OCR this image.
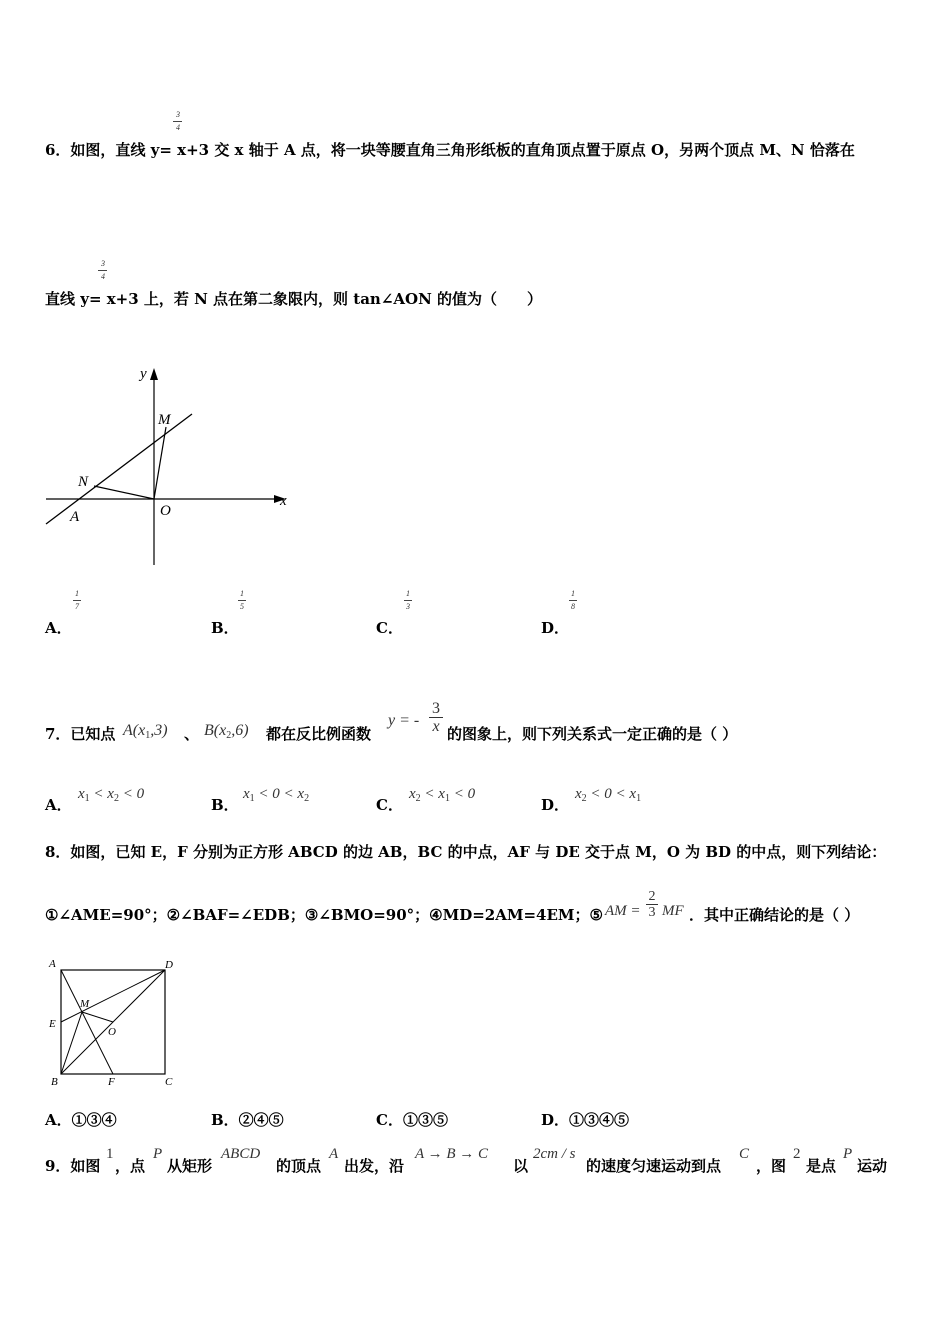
3
4
6．如图，直线 y= x+3 交 x 轴于 A 点，将一块等腰直角三角形纸板的直角顶点置于原点 O，另两个顶点 M、N 恰落在
3
4
直线 y= x+3 上，若 N 点在第二象限内，则 tan∠AON 的值为（　　）
y
x
M
N
A	O
1
7
A．
1
5
B．
1
3
C．
1
8
D．
7．已知点 $A(x_1,3)$ 、 $B(x_2,6)$ 都在反比例函数
y = -
3
x 的图象上，则下列关系式一定正确的是（ ）
A．
$x_1 < x_2 < 0$
B．
$x_1 < 0 < x_2$	C．
$x_2 < x_1 < 0$
D．
$x_2 < 0 < x_1$
8．如图，已知 E，F 分别为正方形 ABCD 的边 AB，BC 的中点，AF 与 DE 交于点 M，O 为 BD 的中点，则下列结论：
①∠AME=90°；②∠BAF=∠EDB；③∠BMO=90°；④MD=2AM=4EM；⑤ AM =
2
3 MF ．其中正确结论的是（ ）
A	D
M
E
O
B	F	C
A．①③④	B．②④⑤	C．①③⑤	D．①③④⑤
9．如图
1
，点
P
从矩形
ABCD
的顶点
A
出发，沿
A → B → C
以
2cm / s
的速度匀速运动到点
C
，图
2
是点
P
运动
